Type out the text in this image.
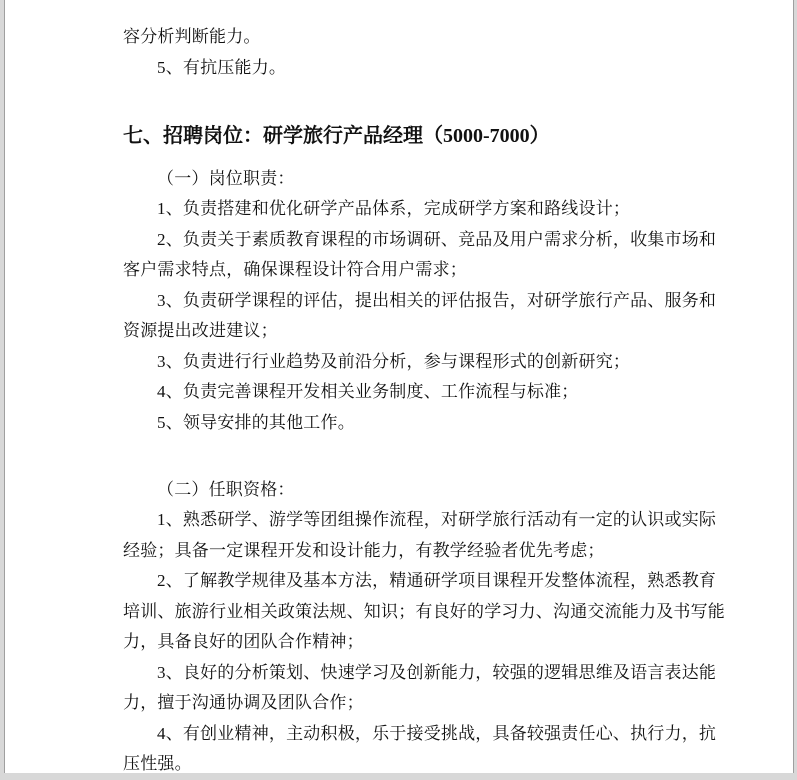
容分析判断能力。

5、有抗压能力。

七、招聘岗位：研学旅行产品经理（5000-7000）

（一）岗位职责：

1、负责搭建和优化研学产品体系，完成研学方案和路线设计；

2、负责关于素质教育课程的市场调研、竞品及用户需求分析，收集市场和
客户需求特点，确保课程设计符合用户需求；

3、负责研学课程的评估，提出相关的评估报告，对研学旅行产品、服务和
资源提出改进建议；

3、负责进行行业趋势及前沿分析，参与课程形式的创新研究；

4、负责完善课程开发相关业务制度、工作流程与标准；

5、领导安排的其他工作。

（二）任职资格：

1、熟悉研学、游学等团组操作流程，对研学旅行活动有一定的认识或实际
经验；具备一定课程开发和设计能力，有教学经验者优先考虑；

2、了解教学规律及基本方法，精通研学项目课程开发整体流程，熟悉教育
培训、旅游行业相关政策法规、知识；有良好的学习力、沟通交流能力及书写能
力，具备良好的团队合作精神；

3、良好的分析策划、快速学习及创新能力，较强的逻辑思维及语言表达能
力，擅于沟通协调及团队合作；

4、有创业精神，主动积极，乐于接受挑战，具备较强责任心、执行力，抗
压性强。
